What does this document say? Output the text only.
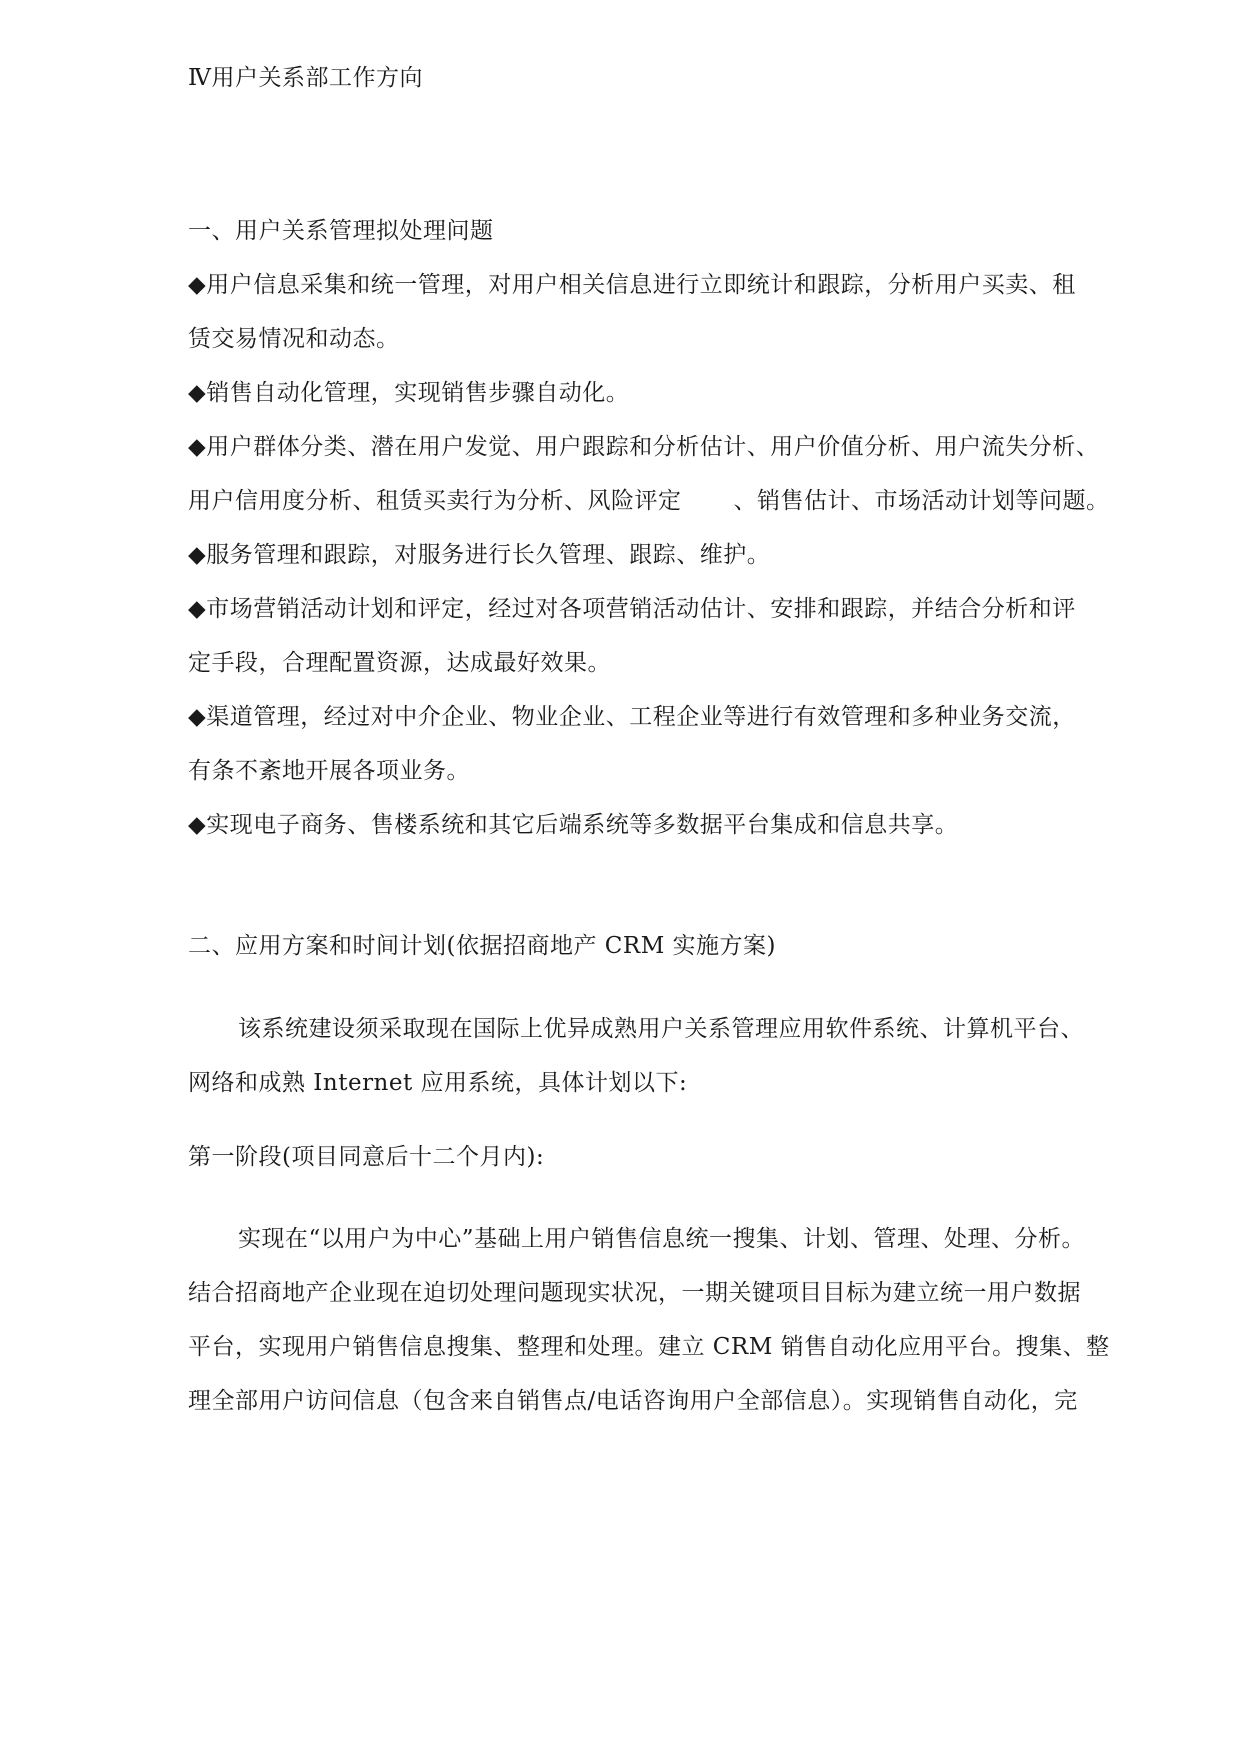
Ⅳ用户关系部工作方向
一、用户关系管理拟处理问题
◆用户信息采集和统一管理，对用户相关信息进行立即统计和跟踪，分析用户买卖、租
赁交易情况和动态。
◆销售自动化管理，实现销售步骤自动化。
◆用户群体分类、潜在用户发觉、用户跟踪和分析估计、用户价值分析、用户流失分析、
用户信用度分析、租赁买卖行为分析、风险评定 、销售估计、市场活动计划等问题。
◆服务管理和跟踪，对服务进行长久管理、跟踪、维护。
◆市场营销活动计划和评定，经过对各项营销活动估计、安排和跟踪，并结合分析和评
定手段，合理配置资源，达成最好效果。
◆渠道管理，经过对中介企业、物业企业、工程企业等进行有效管理和多种业务交流，
有条不紊地开展各项业务。
◆实现电子商务、售楼系统和其它后端系统等多数据平台集成和信息共享。
二、应用方案和时间计划(依据招商地产 CRM 实施方案)
该系统建设须采取现在国际上优异成熟用户关系管理应用软件系统、计算机平台、
网络和成熟 Internet 应用系统，具体计划以下:
第一阶段(项目同意后十二个月内):
实现在“以用户为中心”基础上用户销售信息统一搜集、计划、管理、处理、分析。
结合招商地产企业现在迫切处理问题现实状况，一期关键项目目标为建立统一用户数据
平台，实现用户销售信息搜集、整理和处理。建立 CRM 销售自动化应用平台。搜集、整
理全部用户访问信息（包含来自销售点/电话咨询用户全部信息）。实现销售自动化，完
